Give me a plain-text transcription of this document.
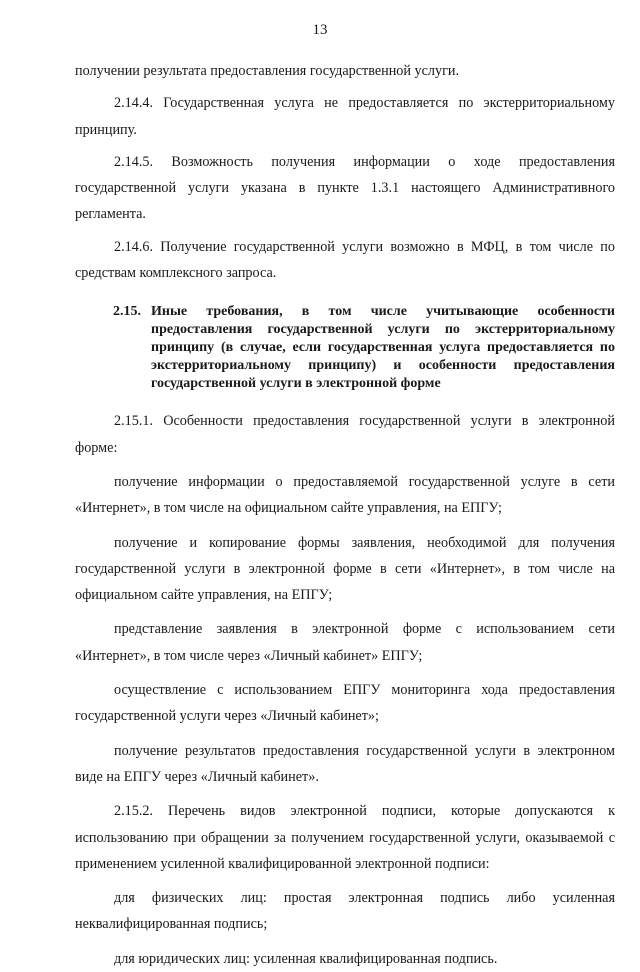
13

получении результата предоставления государственной услуги.

2.14.4. Государственная услуга не предоставляется по экстерриториальному принципу.

2.14.5. Возможность получения информации о ходе предоставления государственной услуги указана в пункте 1.3.1 настоящего Административного регламента.

2.14.6. Получение государственной услуги возможно в МФЦ, в том числе по средствам комплексного запроса.

2.15. Иные требования, в том числе учитывающие особенности предоставления государственной услуги по экстерриториальному принципу (в случае, если государственная услуга предоставляется по экстерриториальному принципу) и особенности предоставления государственной услуги в электронной форме

2.15.1. Особенности предоставления государственной услуги в электронной форме:

получение информации о предоставляемой государственной услуге в сети «Интернет», в том числе на официальном сайте управления, на ЕПГУ;

получение и копирование формы заявления, необходимой для получения государственной услуги в электронной форме в сети «Интернет», в том числе на официальном сайте управления, на ЕПГУ;

представление заявления в электронной форме с использованием сети «Интернет», в том числе через «Личный кабинет» ЕПГУ;

осуществление с использованием ЕПГУ мониторинга хода предоставления государственной услуги через «Личный кабинет»;

получение результатов предоставления государственной услуги в электронном виде на ЕПГУ через «Личный кабинет».

2.15.2. Перечень видов электронной подписи, которые допускаются к использованию при обращении за получением государственной услуги, оказываемой с применением усиленной квалифицированной электронной подписи:

для физических лиц: простая электронная подпись либо усиленная неквалифицированная подпись;

для юридических лиц: усиленная квалифицированная подпись.
